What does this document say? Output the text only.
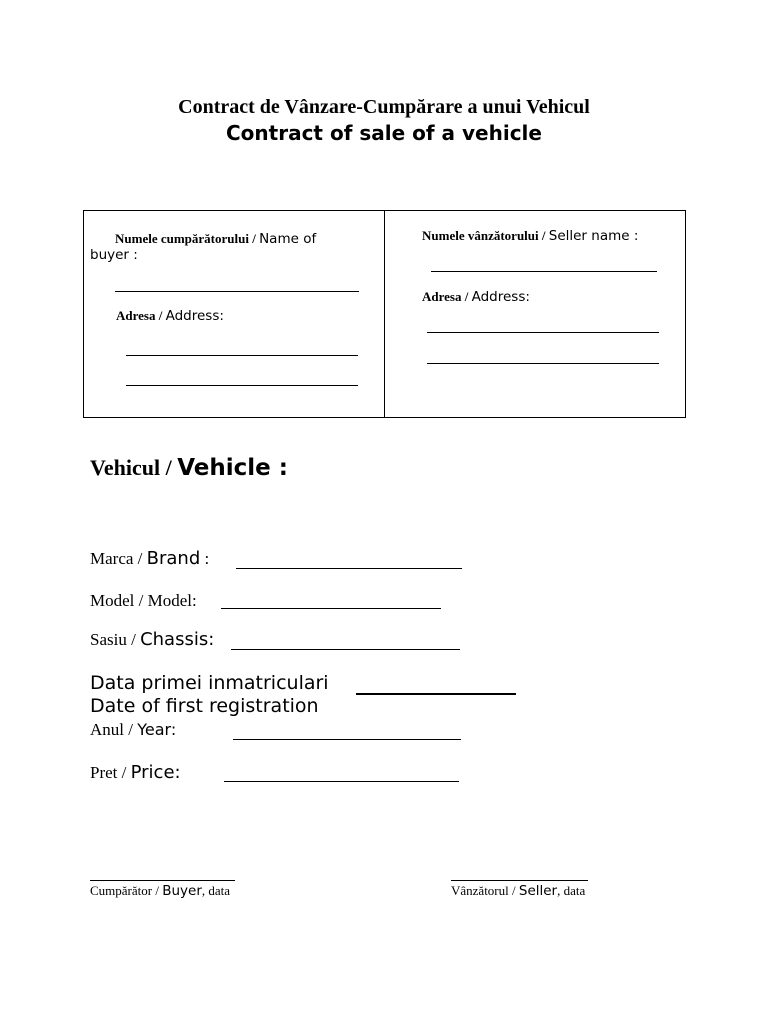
Contract de Vânzare-Cumpărare a unui Vehicul
Contract of sale of a vehicle
Numele cumpărătorului / Name of
buyer :
Adresa / Address:
Numele vânzătorului / Seller name :
Adresa / Address:
Vehicul / Vehicle :
Marca / Brand :
Model / Model:
Sasiu / Chassis:
Data primei inmatriculari
Date of first registration
Anul / Year:
Pret / Price:
Cumpărător / Buyer, data	Vânzătorul / Seller, data
